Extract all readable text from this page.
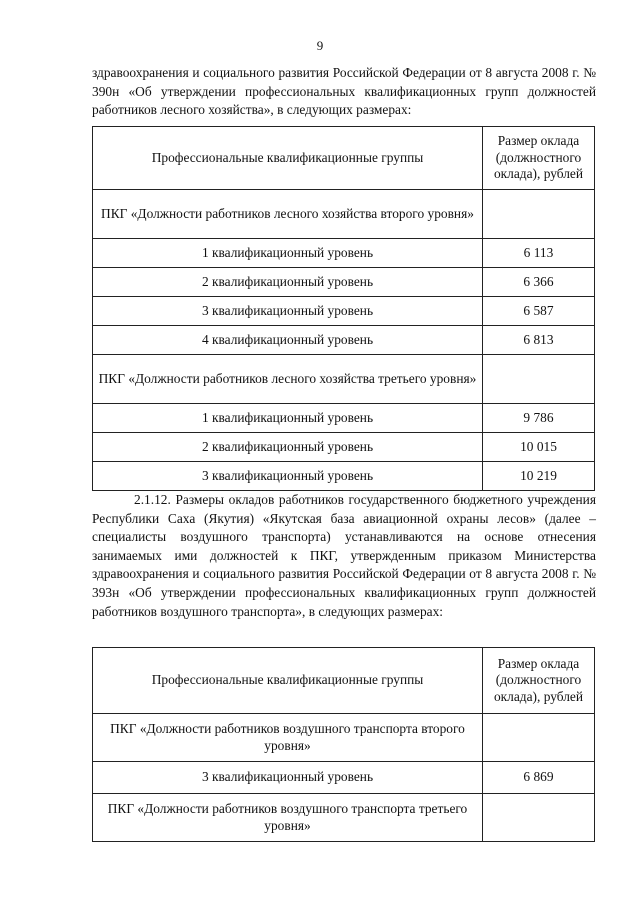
9
здравоохранения и социального развития Российской Федерации от 8 августа 2008 г. № 390н «Об утверждении профессиональных квалификационных групп должностей работников лесного хозяйства», в следующих размерах:
Профессиональные квалификационные группы	Размер оклада (должностного оклада), рублей
ПКГ «Должности работников лесного хозяйства второго уровня»	
1 квалификационный уровень	6 113
2 квалификационный уровень	6 366
3 квалификационный уровень	6 587
4 квалификационный уровень	6 813
ПКГ «Должности работников лесного хозяйства третьего уровня»	
1 квалификационный уровень	9 786
2 квалификационный уровень	10 015
3 квалификационный уровень	10 219
2.1.12. Размеры окладов работников государственного бюджетного учреждения Республики Саха (Якутия) «Якутская база авиационной охраны лесов» (далее – специалисты воздушного транспорта) устанавливаются на основе отнесения занимаемых ими должностей к ПКГ, утвержденным приказом Министерства здравоохранения и социального развития Российской Федерации от 8 августа 2008 г. № 393н «Об утверждении профессиональных квалификационных групп должностей работников воздушного транспорта», в следующих размерах:
Профессиональные квалификационные группы	Размер оклада (должностного оклада), рублей
ПКГ «Должности работников воздушного транспорта второго уровня»	
3 квалификационный уровень	6 869
ПКГ «Должности работников воздушного транспорта третьего уровня»	
